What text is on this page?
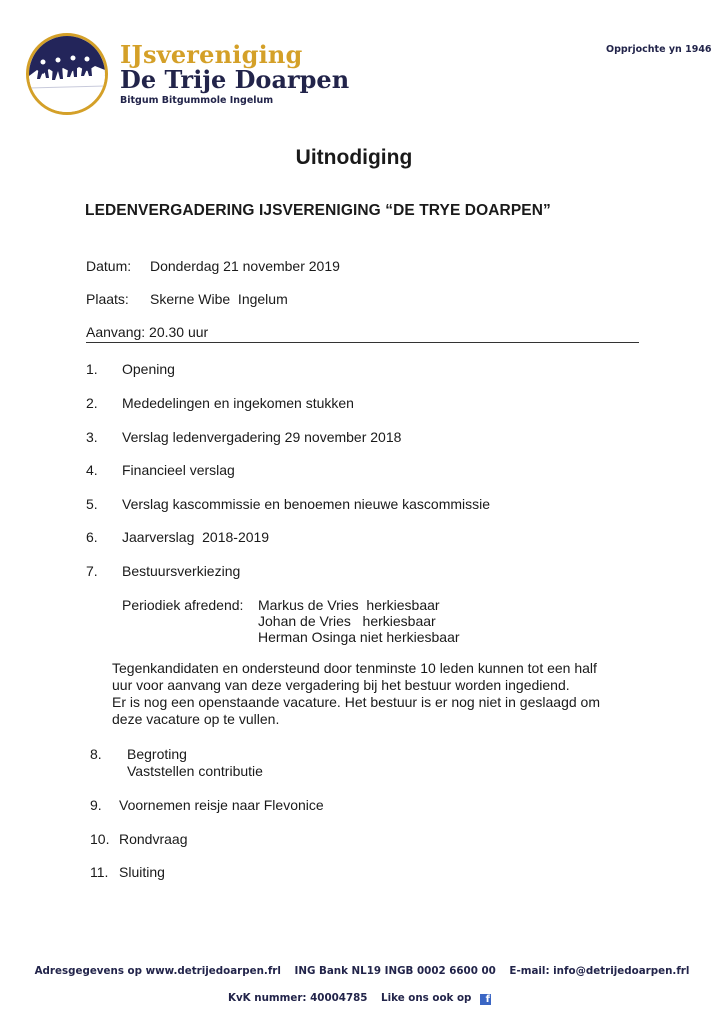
IJsvereniging
De Trije Doarpen
Bitgum Bitgummole Ingelum
Opprjochte yn 1946
Uitnodiging
LEDENVERGADERING IJSVERENIGING “DE TRYE DOARPEN”
Datum: Donderdag 21 november 2019
Plaats: Skerne Wibe  Ingelum
Aanvang: 20.30 uur
1. Opening
2. Mededelingen en ingekomen stukken
3. Verslag ledenvergadering 29 november 2018
4. Financieel verslag
5. Verslag kascommissie en benoemen nieuwe kascommissie
6. Jaarverslag  2018-2019
7. Bestuursverkiezing
Periodiek afredend: Markus de Vries  herkiesbaar
Johan de Vries   herkiesbaar
Herman Osinga niet herkiesbaar
Tegenkandidaten en ondersteund door tenminste 10 leden kunnen tot een half
uur voor aanvang van deze vergadering bij het bestuur worden ingediend.
Er is nog een openstaande vacature. Het bestuur is er nog niet in geslaagd om
deze vacature op te vullen.
8. Begroting
Vaststellen contributie
9. Voornemen reisje naar Flevonice
10. Rondvraag
11. Sluiting
Adresgegevens op www.detrijedoarpen.frl ING Bank NL19 INGB 0002 6600 00 E-mail: info@detrijedoarpen.frl
KvK nummer: 40004785 Like ons ook op f
